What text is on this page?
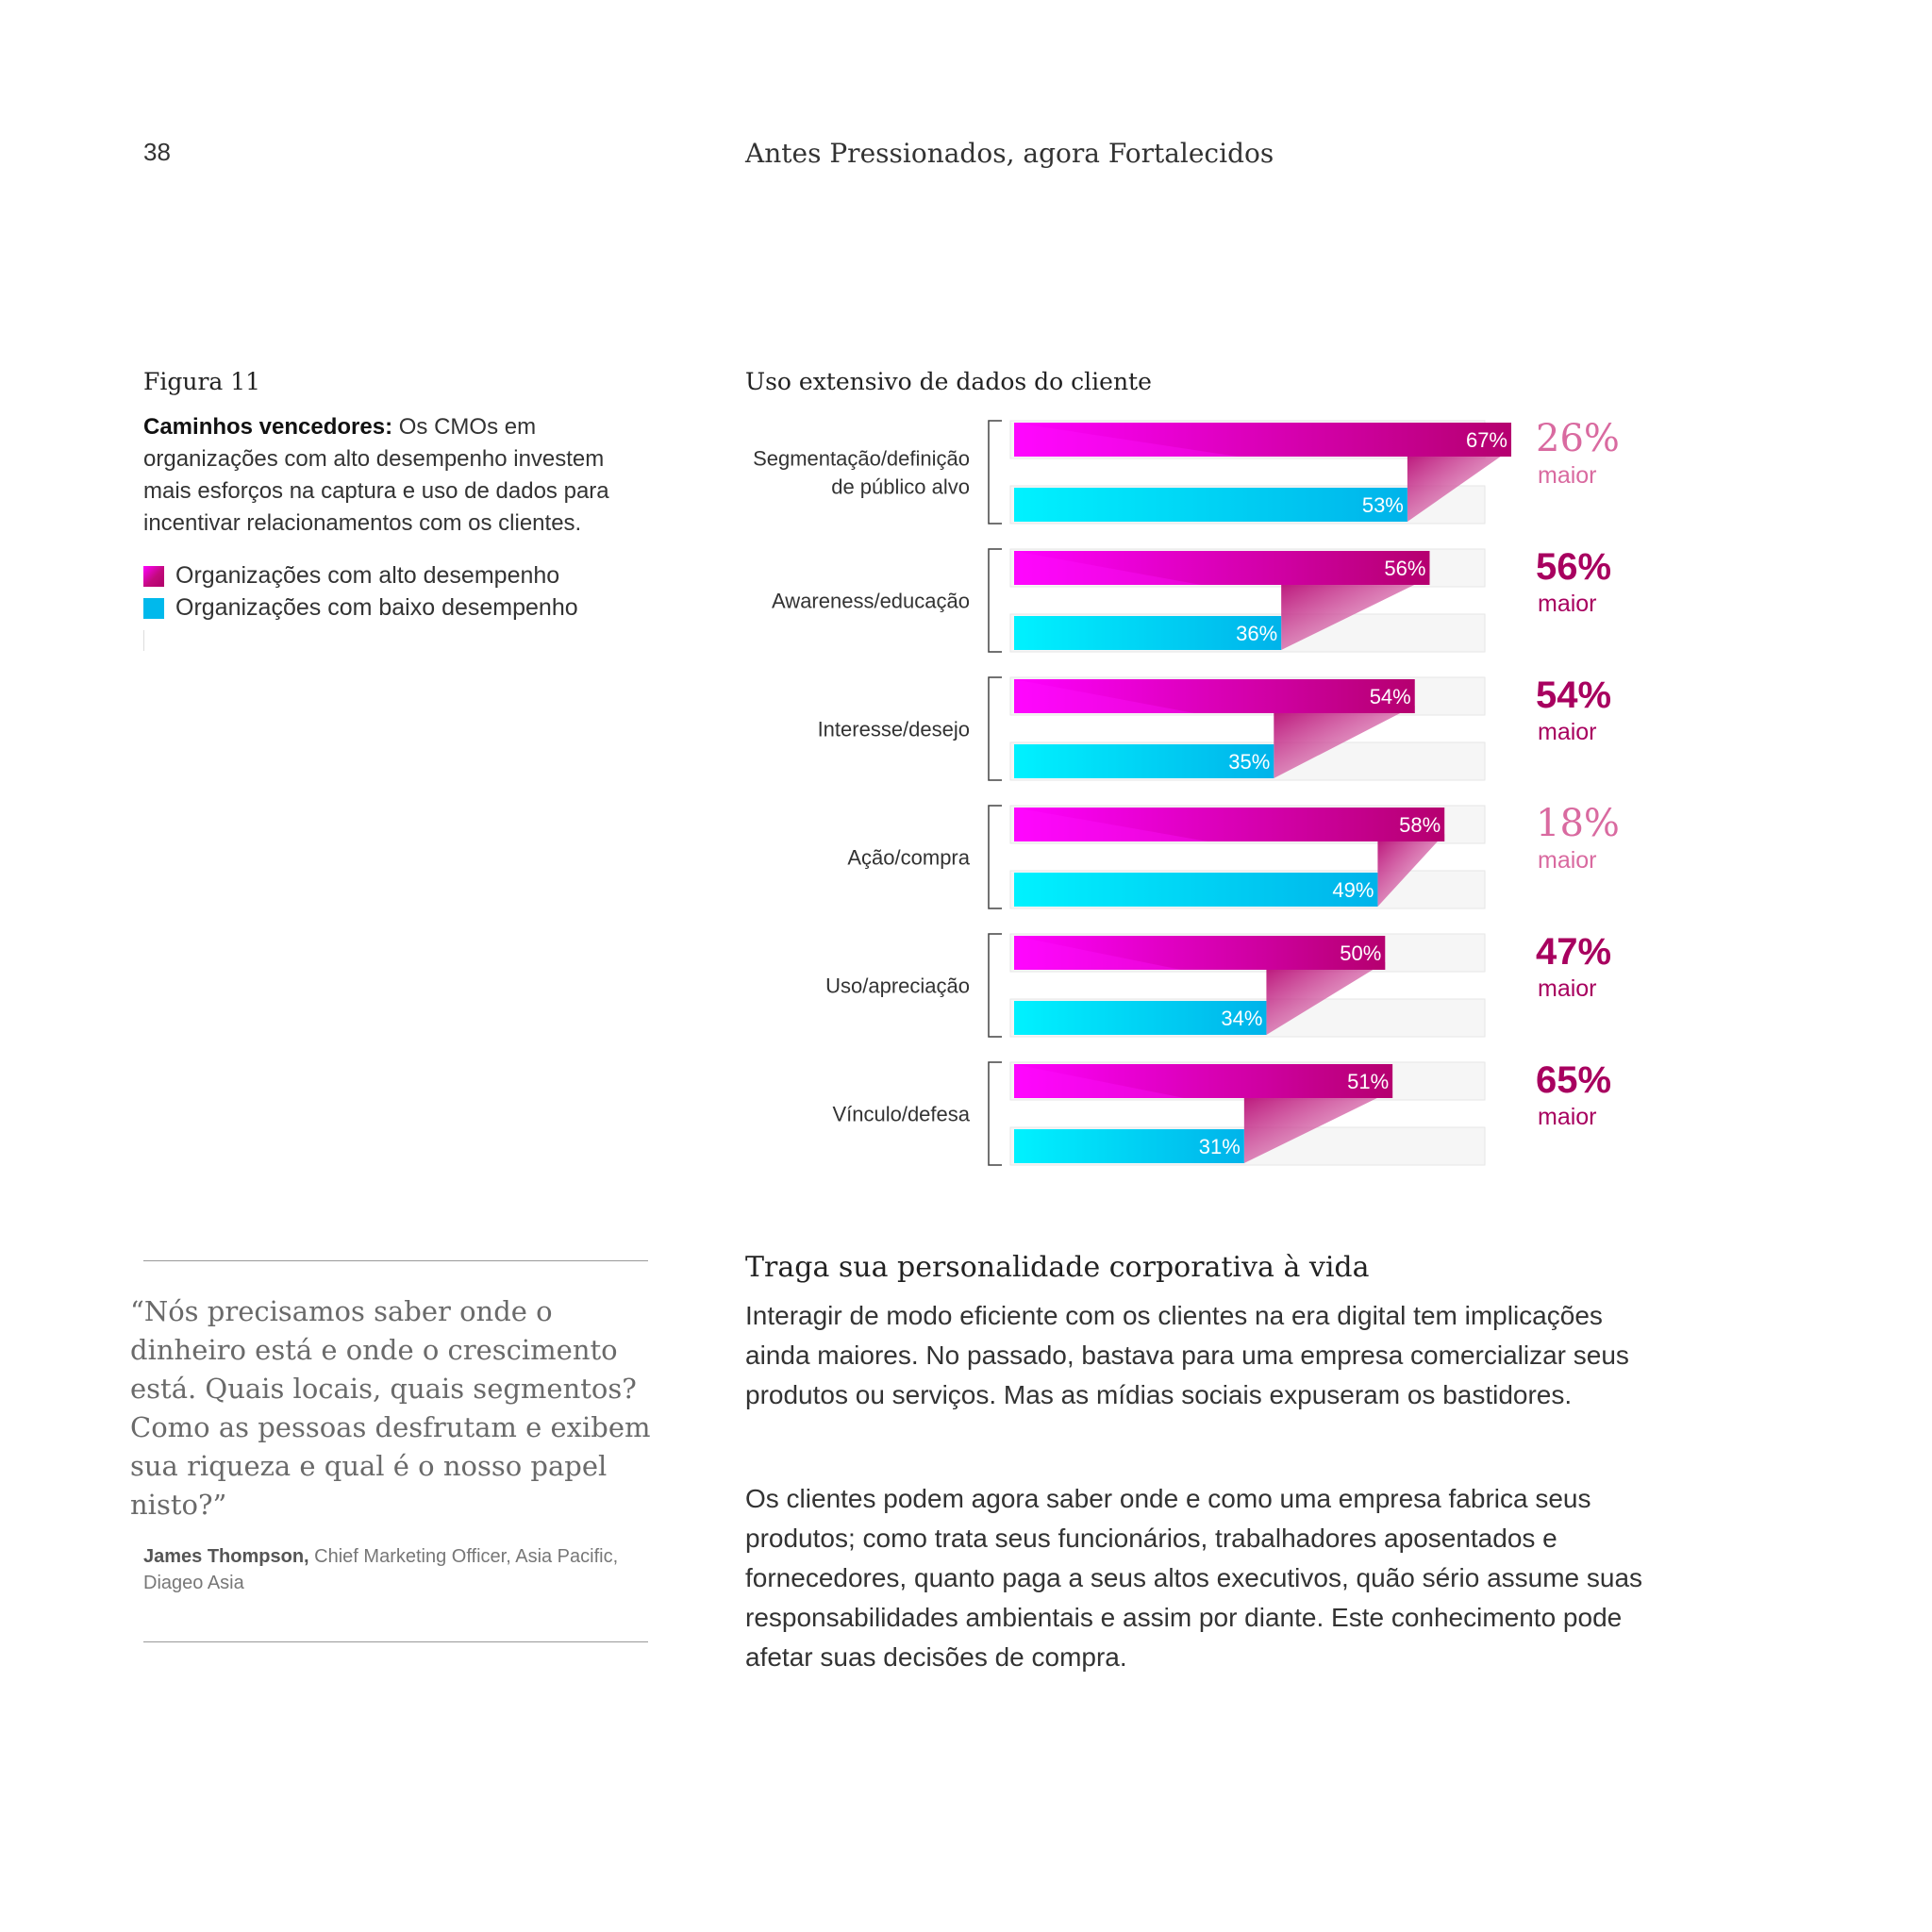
38	Antes Pressionados, agora Fortalecidos
Figura 11
Caminhos vencedores: Os CMOs em organizações com alto desempenho investem mais esforços na captura e uso de dados para incentivar relacionamentos com os clientes.
Organizações com alto desempenho
Organizações com baixo desempenho
Uso extensivo de dados do cliente
67%
53%
Segmentação/definição
de público alvo
26%
maior
56%
36%
Awareness/educação
56%
maior
54%
35%
Interesse/desejo
54%
maior
58%
49%
Ação/compra
18%
maior
50%
34%
Uso/apreciação
47%
maior
51%
31%
Vínculo/defesa
65%
maior
“Nós precisamos saber onde o dinheiro está e onde o crescimento está. Quais locais, quais segmentos? Como as pessoas desfrutam e exibem sua riqueza e qual é o nosso papel nisto?”
James Thompson, Chief Marketing Officer, Asia Pacific, Diageo Asia
Traga sua personalidade corporativa à vida
Interagir de modo eficiente com os clientes na era digital tem implicações ainda maiores. No passado, bastava para uma empresa comercializar seus produtos ou serviços. Mas as mídias sociais expuseram os bastidores.
Os clientes podem agora saber onde e como uma empresa fabrica seus produtos; como trata seus funcionários, trabalhadores aposentados e fornecedores, quanto paga a seus altos executivos, quão sério assume suas responsabilidades ambientais e assim por diante. Este conhecimento pode afetar suas decisões de compra.
